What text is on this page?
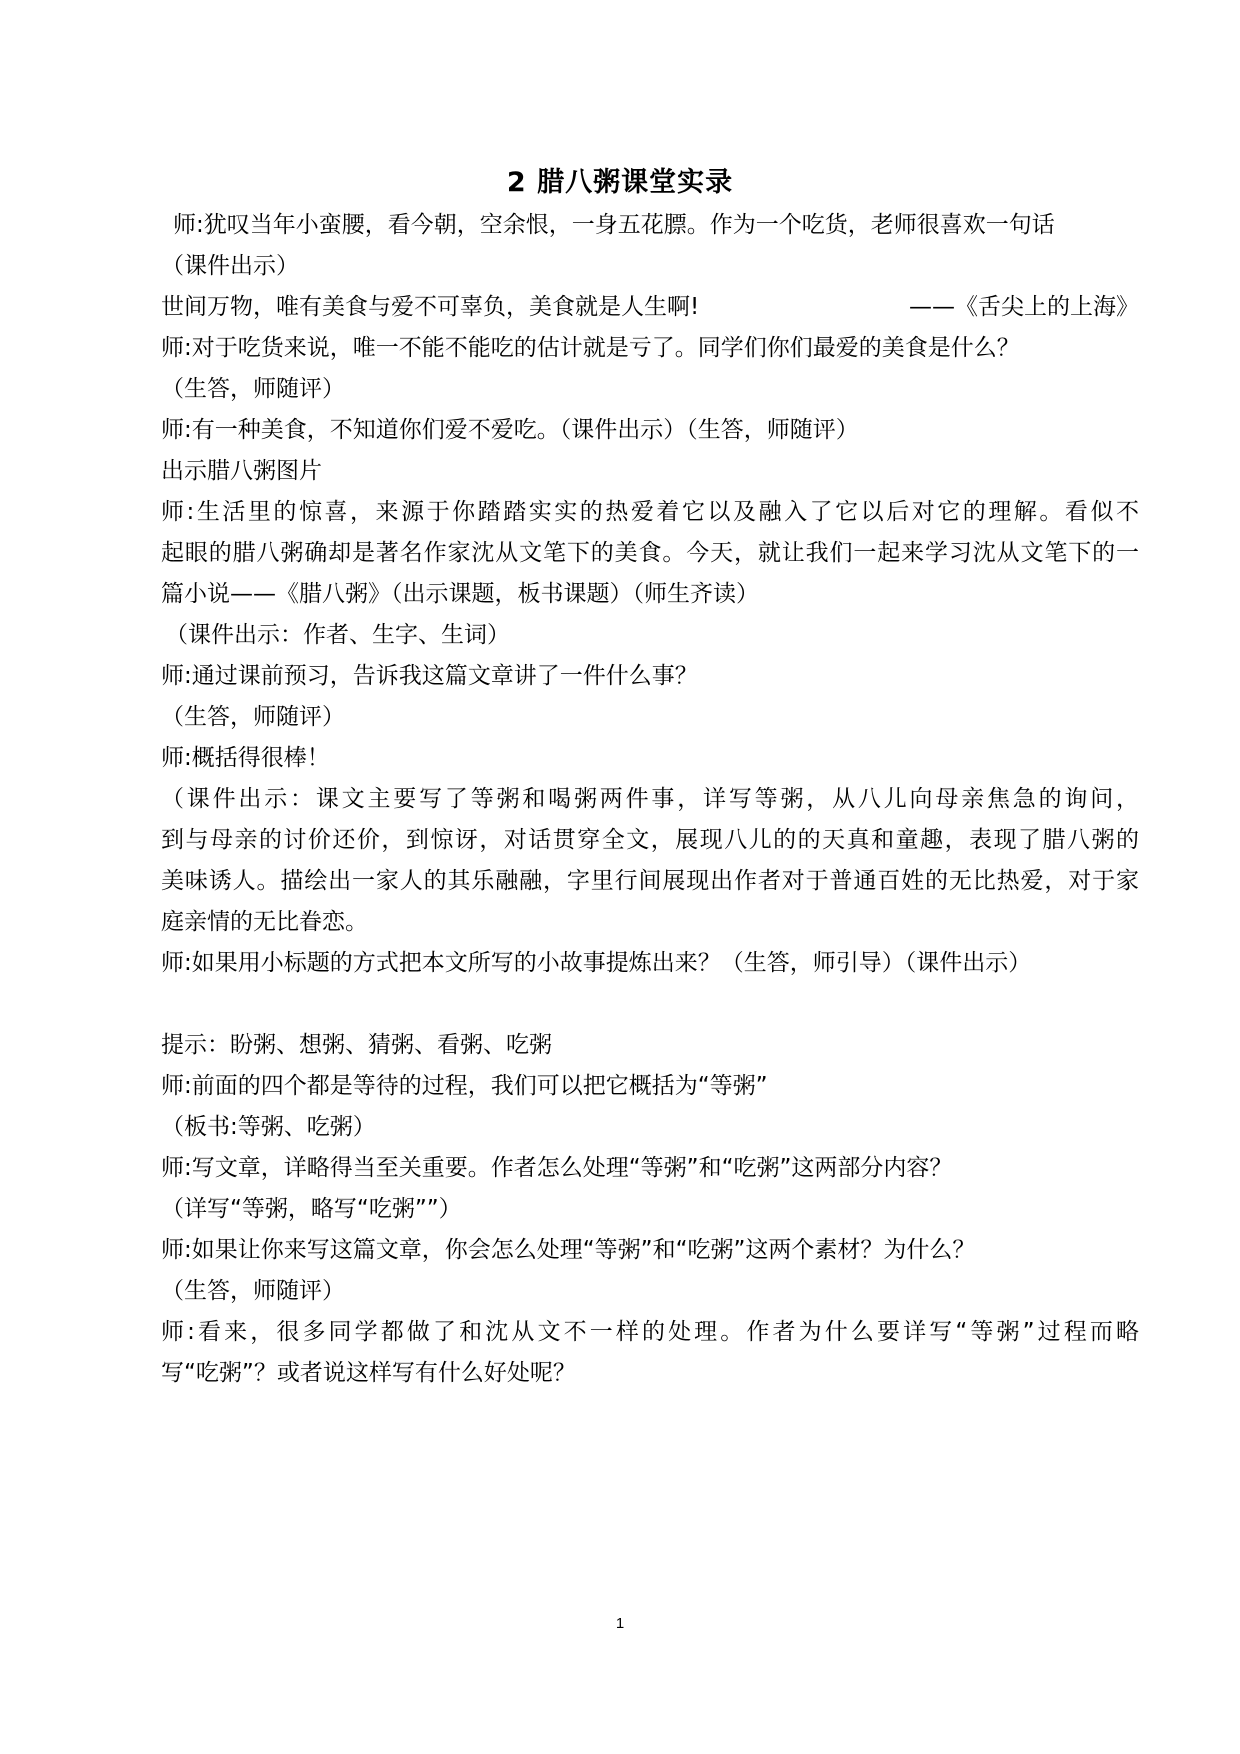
2 腊八粥课堂实录
师:犹叹当年小蛮腰，看今朝，空余恨，一身五花膘。作为一个吃货，老师很喜欢一句话
（课件出示）
世间万物，唯有美食与爱不可辜负，美食就是人生啊!	——《舌尖上的上海》
师:对于吃货来说，唯一不能不能吃的估计就是亏了。同学们你们最爱的美食是什么？
（生答，师随评）
师:有一种美食，不知道你们爱不爱吃。（课件出示）（生答，师随评）
出示腊八粥图片
师:生活里的惊喜，来源于你踏踏实实的热爱着它以及融入了它以后对它的理解。看似不
起眼的腊八粥确却是著名作家沈从文笔下的美食。今天，就让我们一起来学习沈从文笔下的一
篇小说——《腊八粥》（出示课题，板书课题）（师生齐读）
（课件出示：作者、生字、生词）
师:通过课前预习，告诉我这篇文章讲了一件什么事？
（生答，师随评）
师:概括得很棒！
（课件出示：课文主要写了等粥和喝粥两件事，详写等粥，从八儿向母亲焦急的询问，
到与母亲的讨价还价，到惊讶，对话贯穿全文，展现八儿的的天真和童趣，表现了腊八粥的
美味诱人。描绘出一家人的其乐融融，字里行间展现出作者对于普通百姓的无比热爱，对于家
庭亲情的无比眷恋。
师:如果用小标题的方式把本文所写的小故事提炼出来？（生答，师引导）（课件出示）
提示：盼粥、想粥、猜粥、看粥、吃粥
师:前面的四个都是等待的过程，我们可以把它概括为“等粥”
（板书:等粥、吃粥）
师:写文章，详略得当至关重要。作者怎么处理“等粥”和“吃粥”这两部分内容？
（详写“等粥，略写“吃粥””）
师:如果让你来写这篇文章，你会怎么处理“等粥”和“吃粥”这两个素材？为什么？
（生答，师随评）
师:看来，很多同学都做了和沈从文不一样的处理。作者为什么要详写“等粥”过程而略
写“吃粥”？或者说这样写有什么好处呢？
1
